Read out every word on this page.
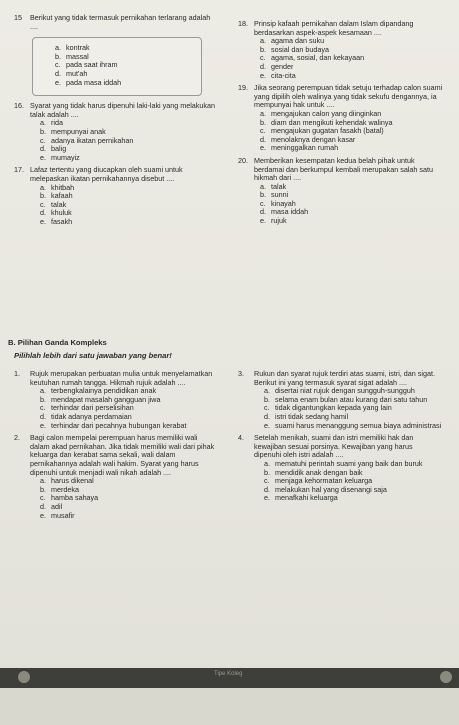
15 Berikut yang tidak termasuk pernikahan terlarang adalah ....
a. kontrak
b. massal
c. pada saat ihram
d. mut'ah
e. pada masa iddah
16. Syarat yang tidak harus dipenuhi laki-laki yang melakukan talak adalah ....
a. rida
b. mempunyai anak
c. adanya ikatan pernikahan
d. balig
e. mumayiz
17. Lafaz tertentu yang diucapkan oleh suami untuk melepaskan ikatan pernikahannya disebut ....
a. khitbah
b. kafaah
c. talak
d. khuluk
e. fasakh
18. Prinsip kafaah pernikahan dalam Islam dipandang berdasarkan aspek-aspek kesamaan ....
a. agama dan suku
b. sosial dan budaya
c. agama, sosial, dan kekayaan
d. gender
e. cita-cita
19. Jika seorang perempuan tidak setuju terhadap calon suami yang dipilih oleh walinya yang tidak sekufu dengannya, ia mempunyai hak untuk ....
a. mengajukan calon yang diinginkan
b. diam dan mengikuti kehendak walinya
c. mengajukan gugatan fasakh (batal)
d. menolaknya dengan kasar
e. meninggalkan rumah
20. Memberikan kesempatan kedua belah pihak untuk berdamai dan berkumpul kembali merupakan salah satu hikmah dari ....
a. talak
b. sunni
c. kinayah
d. masa iddah
e. rujuk
B. Pilihan Ganda Kompleks
Pilihlah lebih dari satu jawaban yang benar!
1. Rujuk merupakan perbuatan mulia untuk menyelamatkan keutuhan rumah tangga. Hikmah rujuk adalah ....
a. terbengkalainya pendidikan anak
b. mendapat masalah gangguan jiwa
c. terhindar dari perselisihan
d. tidak adanya perdamaian
e. terhindar dari pecahnya hubungan kerabat
2. Bagi calon mempelai perempuan harus memiliki wali dalam akad pernikahan. Jika tidak memiliki wali dari pihak keluarga dan kerabat sama sekali, wali dalam pernikahannya adalah wali hakim. Syarat yang harus dipenuhi untuk menjadi wali nikah adalah ....
a. harus dikenal
b. merdeka
c. hamba sahaya
d. adil
e. musafir
3. Rukun dan syarat rujuk terdiri atas suami, istri, dan sigat. Berikut ini yang termasuk syarat sigat adalah ....
a. disertai niat rujuk dengan sungguh-sungguh
b. selama enam bulan atau kurang dari satu tahun
c. tidak digantungkan kepada yang lain
d. istri tidak sedang hamil
e. suami harus menanggung semua biaya administrasi
4. Setelah menikah, suami dan istri memiliki hak dan kewajiban sesuai porsinya. Kewajiban yang harus dipenuhi oleh istri adalah ....
a. mematuhi perintah suami yang baik dan buruk
b. mendidik anak dengan baik
c. menjaga kehormatan keluarga
d. melakukan hal yang disenangi saja
e. menafkahi keluarga
Tipe Koleg
